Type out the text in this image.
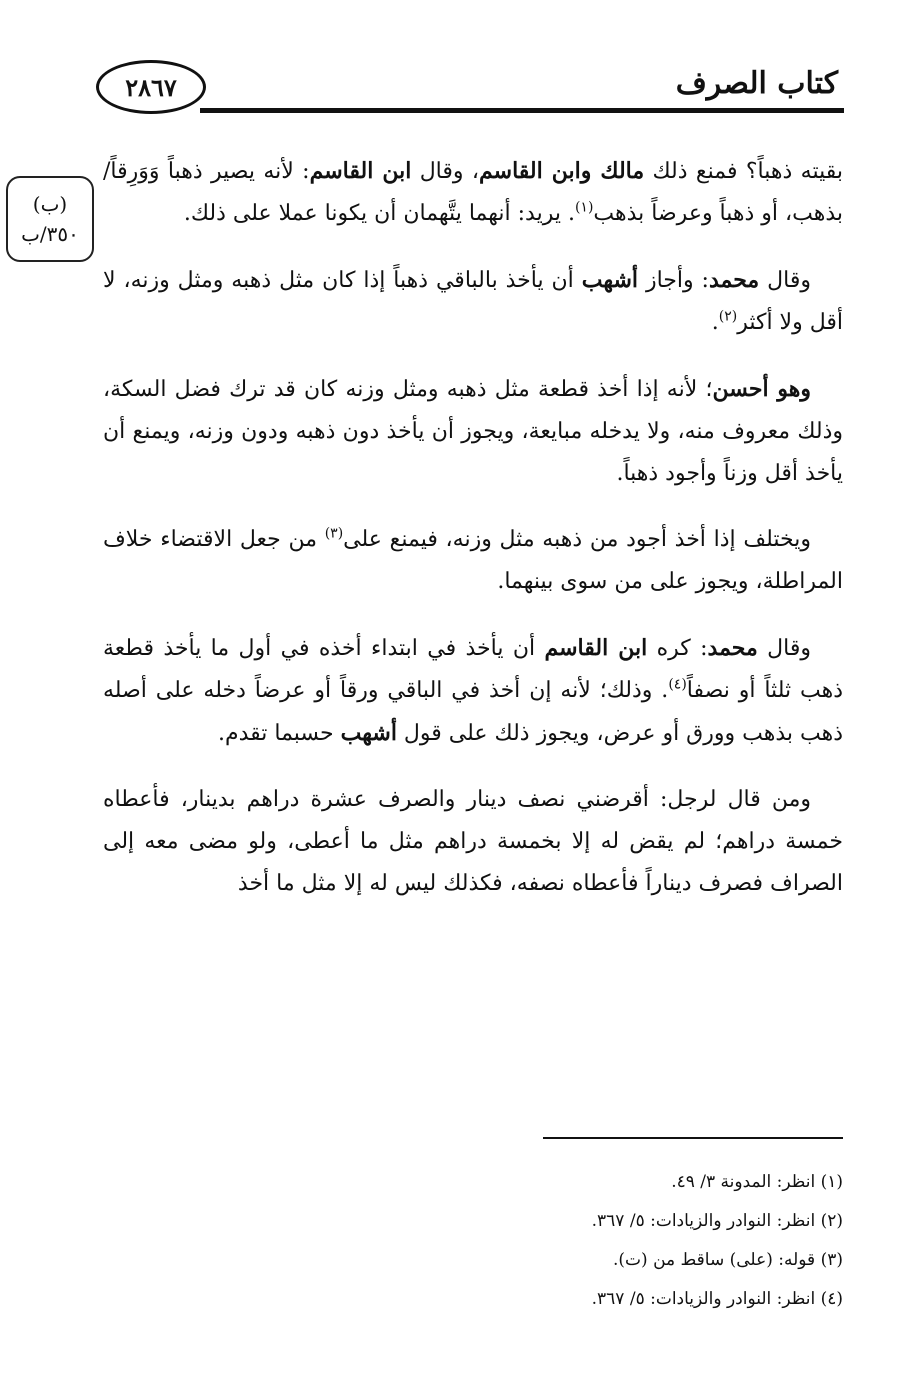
٢٨٦٧	كتاب الصرف
(ب)
٣٥٠/ب

بقيته ذهباً؟ فمنع ذلك مالك وابن القاسم، وقال ابن القاسم: لأنه يصير ذهباً وَوَرِقاً/ بذهب، أو ذهباً وعرضاً بذهب$^{(١)}$. يريد: أنهما يتَّهمان أن يكونا عملا على ذلك.

وقال محمد: وأجاز أشهب أن يأخذ بالباقي ذهباً إذا كان مثل ذهبه ومثل وزنه، لا أقل ولا أكثر$^{(٢)}$.

وهو أحسن؛ لأنه إذا أخذ قطعة مثل ذهبه ومثل وزنه كان قد ترك فضل السكة، وذلك معروف منه، ولا يدخله مبايعة، ويجوز أن يأخذ دون ذهبه ودون وزنه، ويمنع أن يأخذ أقل وزناً وأجود ذهباً.

ويختلف إذا أخذ أجود من ذهبه مثل وزنه، فيمنع على$^{(٣)}$ من جعل الاقتضاء خلاف المراطلة، ويجوز على من سوى بينهما.

وقال محمد: كره ابن القاسم أن يأخذ في ابتداء أخذه في أول ما يأخذ قطعة ذهب ثلثاً أو نصفاً$^{(٤)}$. وذلك؛ لأنه إن أخذ في الباقي ورقاً أو عرضاً دخله على أصله ذهب بذهب وورق أو عرض، ويجوز ذلك على قول أشهب حسبما تقدم.

ومن قال لرجل: أقرضني نصف دينار والصرف عشرة دراهم بدينار، فأعطاه خمسة دراهم؛ لم يقض له إلا بخمسة دراهم مثل ما أعطى، ولو مضى معه إلى الصراف فصرف ديناراً فأعطاه نصفه، فكذلك ليس له إلا مثل ما أخذ

(١) انظر: المدونة ٣/ ٤٩.
(٢) انظر: النوادر والزيادات: ٥/ ٣٦٧.
(٣) قوله: (على) ساقط من (ت).
(٤) انظر: النوادر والزيادات: ٥/ ٣٦٧.
